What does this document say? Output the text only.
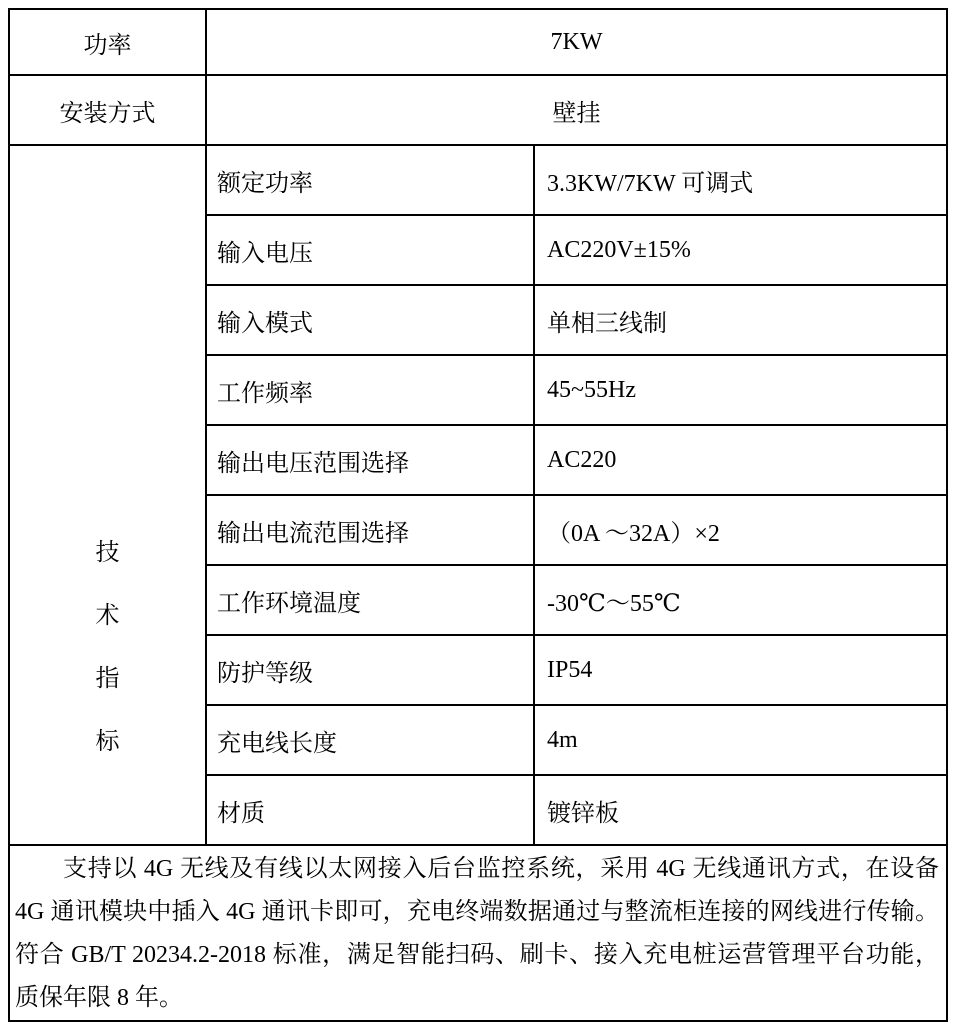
功率	7KW	
安装方式	壁挂	

技
术
指
标	额定功率	3.3KW/7KW 可调式
	输入电压	AC220V±15%
	输入模式	单相三线制
	工作频率	45~55Hz
	输出电压范围选择	AC220
	输出电流范围选择	（0A ～32A）×2
	工作环境温度	-30℃～55℃
	防护等级	IP54
	充电线长度	4m
	材质	镀锌板

支持以 4G 无线及有线以太网接入后台监控系统，采用 4G 无线通讯方式，在设备 4G 通讯模块中插入 4G 通讯卡即可，充电终端数据通过与整流柜连接的网线进行传输。符合 GB/T 20234.2-2018 标准，满足智能扫码、刷卡、接入充电桩运营管理平台功能，质保年限 8 年。		
